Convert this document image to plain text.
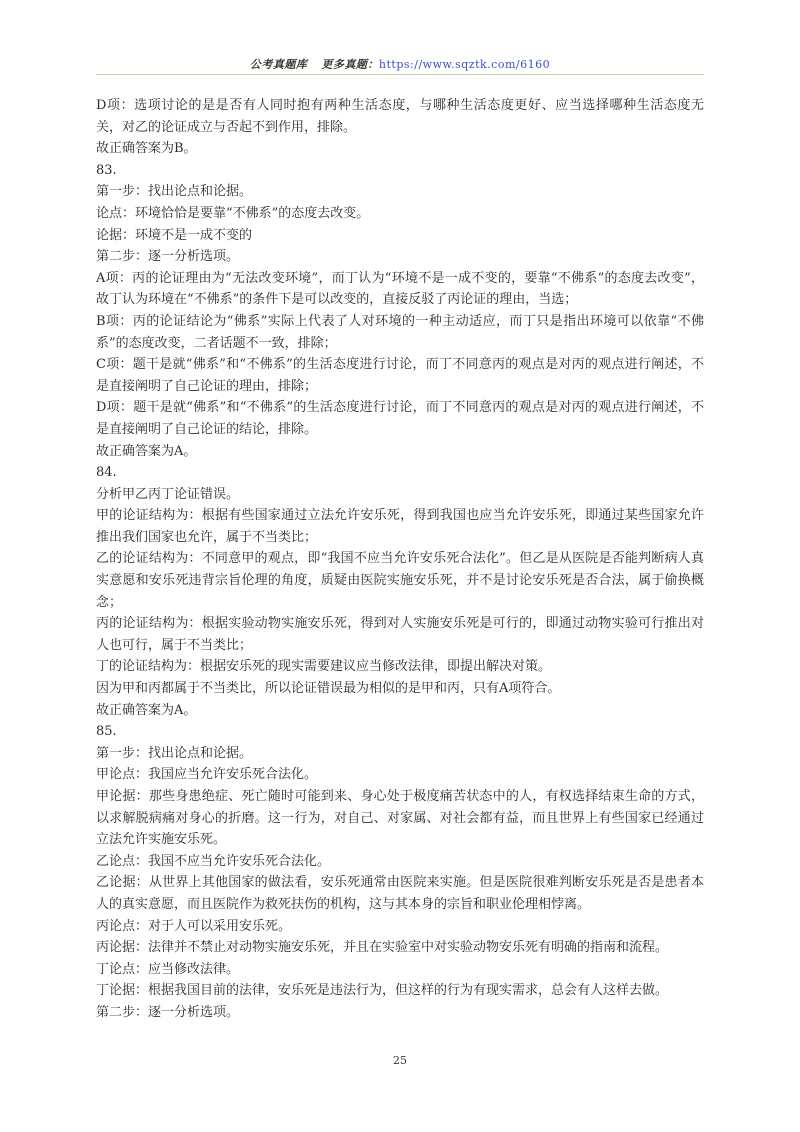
公考真题库 更多真题：https://www.sqztk.com/6160

D项：选项讨论的是是否有人同时抱有两种生活态度，与哪种生活态度更好、应当选择哪种生活态度无关，对乙的论证成立与否起不到作用，排除。

故正确答案为B。

83.

第一步：找出论点和论据。

论点：环境恰恰是要靠“不佛系”的态度去改变。

论据：环境不是一成不变的

第二步：逐一分析选项。

A项：丙的论证理由为“无法改变环境”，而丁认为“环境不是一成不变的，要靠“不佛系”的态度去改变”，故丁认为环境在“不佛系”的条件下是可以改变的，直接反驳了丙论证的理由，当选；

B项：丙的论证结论为“佛系”实际上代表了人对环境的一种主动适应，而丁只是指出环境可以依靠“不佛系”的态度改变，二者话题不一致，排除；

C项：题干是就“佛系”和“不佛系”的生活态度进行讨论，而丁不同意丙的观点是对丙的观点进行阐述，不是直接阐明了自己论证的理由，排除；

D项：题干是就“佛系”和“不佛系”的生活态度进行讨论，而丁不同意丙的观点是对丙的观点进行阐述，不是直接阐明了自己论证的结论，排除。

故正确答案为A。

84.

分析甲乙丙丁论证错误。

甲的论证结构为：根据有些国家通过立法允许安乐死，得到我国也应当允许安乐死，即通过某些国家允许推出我们国家也允许，属于不当类比；

乙的论证结构为：不同意甲的观点，即“我国不应当允许安乐死合法化”。但乙是从医院是否能判断病人真实意愿和安乐死违背宗旨伦理的角度，质疑由医院实施安乐死，并不是讨论安乐死是否合法，属于偷换概念；

丙的论证结构为：根据实验动物实施安乐死，得到对人实施安乐死是可行的，即通过动物实验可行推出对人也可行，属于不当类比；

丁的论证结构为：根据安乐死的现实需要建议应当修改法律，即提出解决对策。

因为甲和丙都属于不当类比，所以论证错误最为相似的是甲和丙，只有A项符合。

故正确答案为A。

85.

第一步：找出论点和论据。

甲论点：我国应当允许安乐死合法化。

甲论据：那些身患绝症、死亡随时可能到来、身心处于极度痛苦状态中的人，有权选择结束生命的方式，以求解脱病痛对身心的折磨。这一行为，对自己、对家属、对社会都有益，而且世界上有些国家已经通过立法允许实施安乐死。

乙论点：我国不应当允许安乐死合法化。

乙论据：从世界上其他国家的做法看，安乐死通常由医院来实施。但是医院很难判断安乐死是否是患者本人的真实意愿，而且医院作为救死扶伤的机构，这与其本身的宗旨和职业伦理相悖离。

丙论点：对于人可以采用安乐死。

丙论据：法律并不禁止对动物实施安乐死，并且在实验室中对实验动物安乐死有明确的指南和流程。

丁论点：应当修改法律。

丁论据：根据我国目前的法律，安乐死是违法行为，但这样的行为有现实需求，总会有人这样去做。

第二步：逐一分析选项。

25
